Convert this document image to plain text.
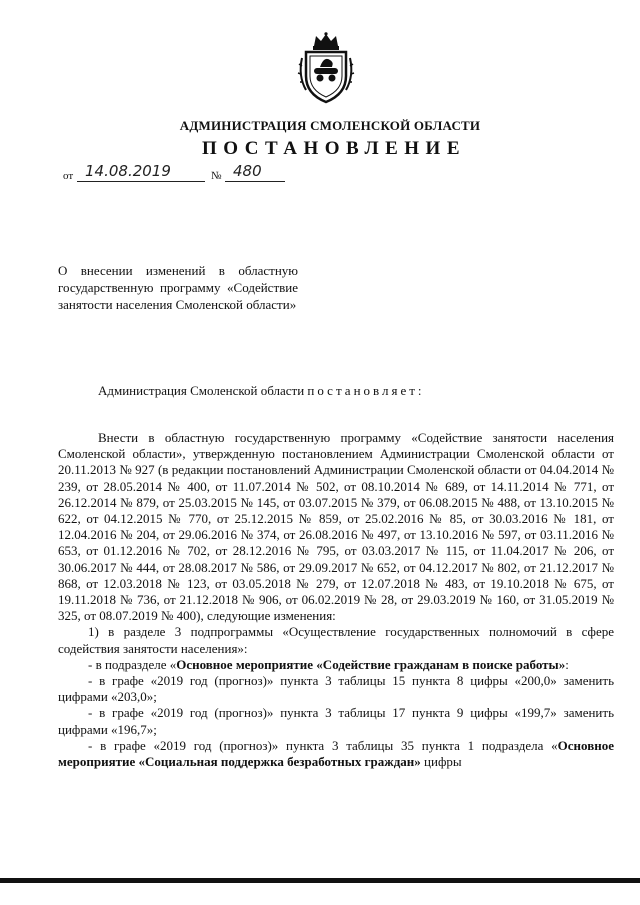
АДМИНИСТРАЦИЯ СМОЛЕНСКОЙ ОБЛАСТИ
ПОСТАНОВЛЕНИЕ
от 14.08.2019	№ 480
О внесении изменений в областную государственную программу «Содействие занятости населения Смоленской области»
Администрация Смоленской области постановляет:

Внести в областную государственную программу «Содействие занятости населения Смоленской области», утвержденную постановлением Администрации Смоленской области от 20.11.2013 № 927 (в редакции постановлений Администрации Смоленской области от 04.04.2014 № 239, от 28.05.2014 № 400, от 11.07.2014 № 502, от 08.10.2014 № 689, от 14.11.2014 № 771, от 26.12.2014 № 879, от 25.03.2015 № 145, от 03.07.2015 № 379, от 06.08.2015 № 488, от 13.10.2015 № 622, от 04.12.2015 № 770, от 25.12.2015 № 859, от 25.02.2016 № 85, от 30.03.2016 № 181, от 12.04.2016 № 204, от 29.06.2016 № 374, от 26.08.2016 № 497, от 13.10.2016 № 597, от 03.11.2016 № 653, от 01.12.2016 № 702, от 28.12.2016 № 795, от 03.03.2017 № 115, от 11.04.2017 № 206, от 30.06.2017 № 444, от 28.08.2017 № 586, от 29.09.2017 № 652, от 04.12.2017 № 802, от 21.12.2017 № 868, от 12.03.2018 № 123, от 03.05.2018 № 279, от 12.07.2018 № 483, от 19.10.2018 № 675, от 19.11.2018 № 736, от 21.12.2018 № 906, от 06.02.2019 № 28, от 29.03.2019 № 160, от 31.05.2019 № 325, от 08.07.2019 № 400), следующие изменения:

1) в разделе 3 подпрограммы «Осуществление государственных полномочий в сфере содействия занятости населения»:

- в подразделе «Основное мероприятие «Содействие гражданам в поиске работы»:

- в графе «2019 год (прогноз)» пункта 3 таблицы 15 пункта 8 цифры «200,0» заменить цифрами «203,0»;

- в графе «2019 год (прогноз)» пункта 3 таблицы 17 пункта 9 цифры «199,7» заменить цифрами «196,7»;

- в графе «2019 год (прогноз)» пункта 3 таблицы 35 пункта 1 подраздела «Основное мероприятие «Социальная поддержка безработных граждан» цифры
